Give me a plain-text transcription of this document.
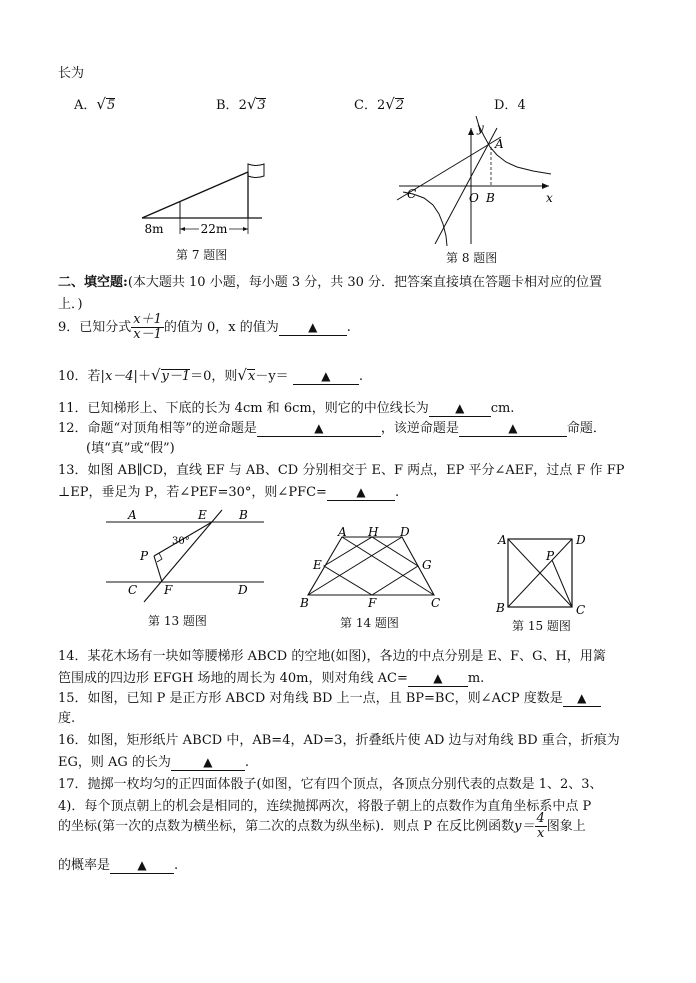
长为
A．√5	B．2√3	C．2√2	D．4
22m
8m
第 7 题图
y
A
C	O B	x
第 8 题图
二、填空题:(本大题共 10 小题，每小题 3 分，共 30 分．把答案直接填在答题卡相对应的位置
上．)
9．已知分式 $\frac{x+1}{x-1}$ 的值为 0，x 的值为 ▲ .
10．若|x－4|＋√y－1＝0，则√x－y＝	▲ .
11．已知梯形上、下底的长为 4cm 和 6cm，则它的中位线长为 ▲ cm.
12．命题“对顶角相等”的逆命题是	▲	，该逆命题是	▲	命题．
(填“真”或“假”)
13．如图 AB∥CD，直线 EF 与 AB、CD 分别相交于 E、F 两点，EP 平分∠AEF，过点 F 作 FP
⊥EP，垂足为 P，若∠PEF=30°，则∠PFC= ▲ .
A	E	B
P
30°
C F	D
第 13 题图
A H D
E	G
B	F	C
第 14 题图
A	D
P
B	C
第 15 题图
14．某花木场有一块如等腰梯形 ABCD 的空地(如图)，各边的中点分别是 E、F、G、H，用篱
笆围成的四边形 EFGH 场地的周长为 40m，则对角线 AC= ▲ m.
15．如图，已知 P 是正方形 ABCD 对角线 BD 上一点，且 BP=BC，则∠ACP 度数是 ▲
度.
16．如图，矩形纸片 ABCD 中，AB=4，AD=3，折叠纸片使 AD 边与对角线 BD 重合，折痕为
EG，则 AG 的长为	▲ .
17．抛掷一枚均匀的正四面体骰子(如图，它有四个顶点，各顶点分别代表的点数是 1、2、3、
4)．每个顶点朝上的机会是相同的，连续抛掷两次，将骰子朝上的点数作为直角坐标系中点 P
的坐标(第一次的点数为横坐标，第二次的点数为纵坐标)．则点 P 在反比例函数$y= \frac{4}{x}$ 图象上
的概率是 ▲ .
